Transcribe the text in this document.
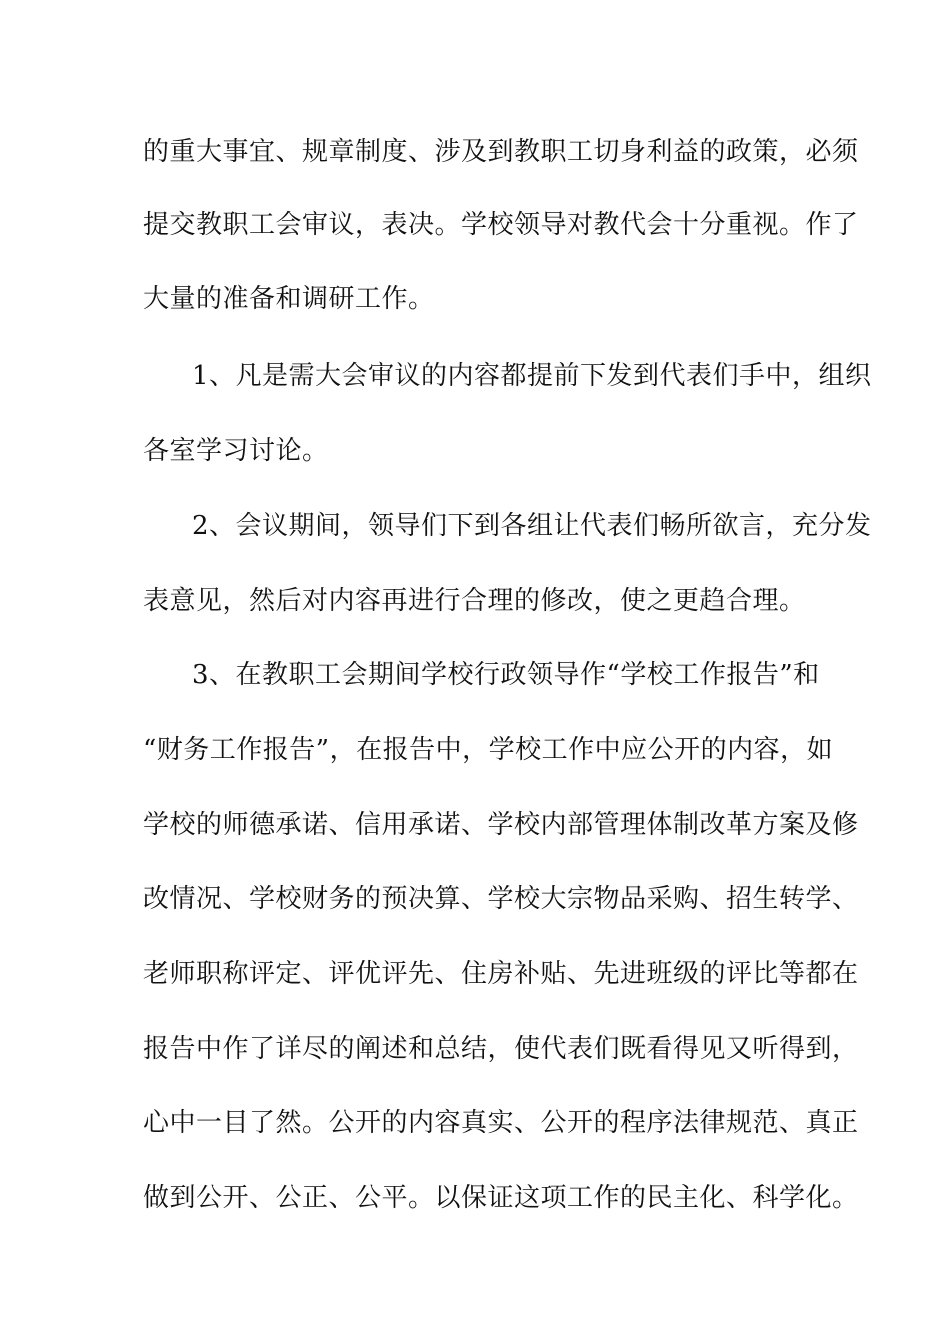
的重大事宜、规章制度、涉及到教职工切身利益的政策，必须
提交教职工会审议，表决。学校领导对教代会十分重视。作了
大量的准备和调研工作。
1、凡是需大会审议的内容都提前下发到代表们手中，组织
各室学习讨论。
2、会议期间，领导们下到各组让代表们畅所欲言，充分发
表意见，然后对内容再进行合理的修改，使之更趋合理。
3、在教职工会期间学校行政领导作“学校工作报告”和
“财务工作报告”，在报告中，学校工作中应公开的内容，如
学校的师德承诺、信用承诺、学校内部管理体制改革方案及修
改情况、学校财务的预决算、学校大宗物品采购、招生转学、
老师职称评定、评优评先、住房补贴、先进班级的评比等都在
报告中作了详尽的阐述和总结，使代表们既看得见又听得到，
心中一目了然。公开的内容真实、公开的程序法律规范、真正
做到公开、公正、公平。以保证这项工作的民主化、科学化。
